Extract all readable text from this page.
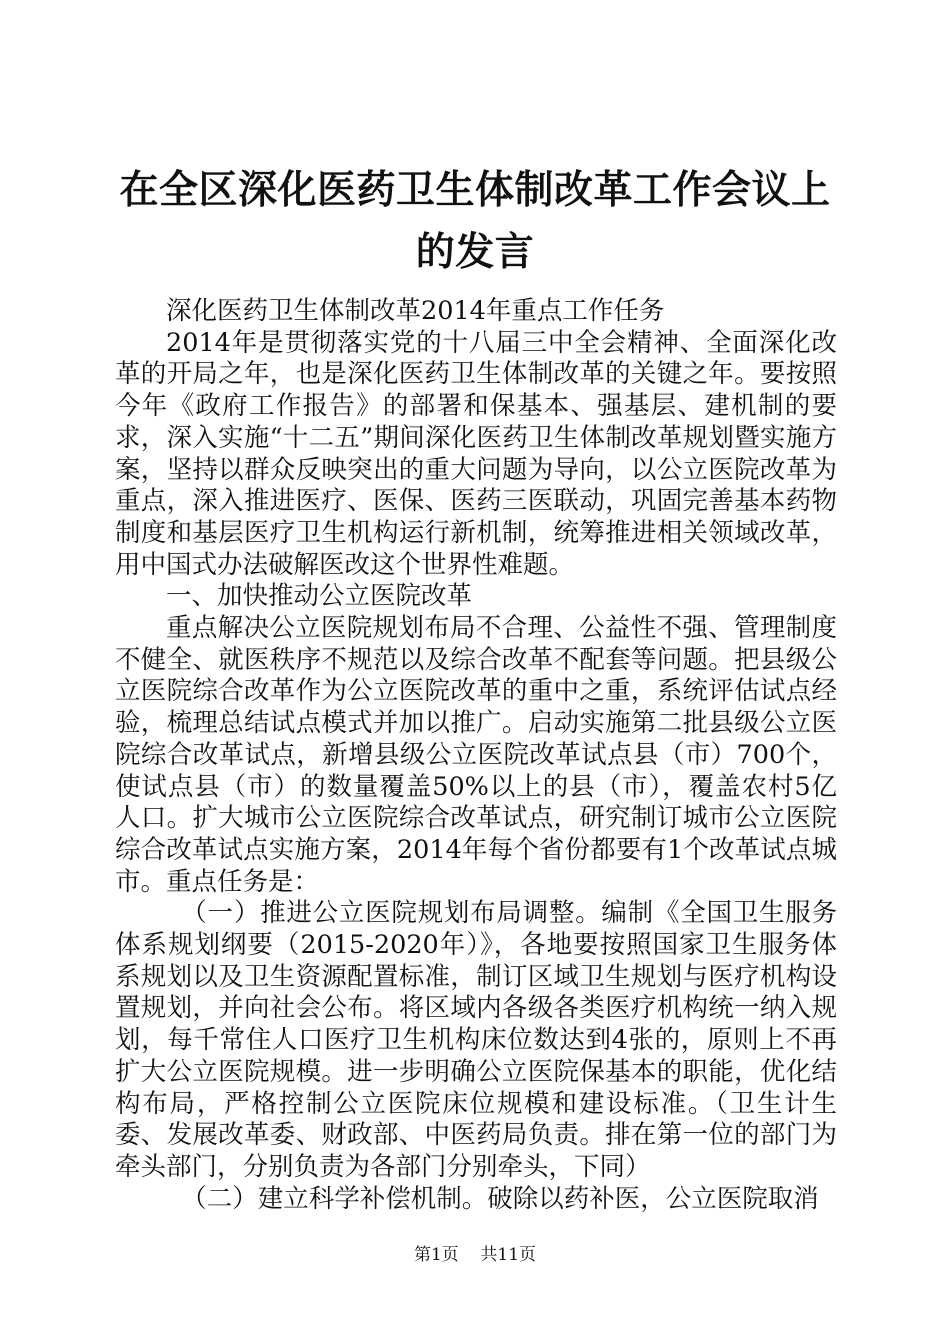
在全区深化医药卫生体制改革工作会议上的发言

深化医药卫生体制改革2014年重点工作任务

2014年是贯彻落实党的十八届三中全会精神、全面深化改革的开局之年，也是深化医药卫生体制改革的关键之年。要按照今年《政府工作报告》的部署和保基本、强基层、建机制的要求，深入实施“十二五”期间深化医药卫生体制改革规划暨实施方案，坚持以群众反映突出的重大问题为导向，以公立医院改革为重点，深入推进医疗、医保、医药三医联动，巩固完善基本药物制度和基层医疗卫生机构运行新机制，统筹推进相关领域改革，用中国式办法破解医改这个世界性难题。

一、加快推动公立医院改革

重点解决公立医院规划布局不合理、公益性不强、管理制度不健全、就医秩序不规范以及综合改革不配套等问题。把县级公立医院综合改革作为公立医院改革的重中之重，系统评估试点经验，梳理总结试点模式并加以推广。启动实施第二批县级公立医院综合改革试点，新增县级公立医院改革试点县（市）700个，使试点县（市）的数量覆盖50%以上的县（市），覆盖农村5亿人口。扩大城市公立医院综合改革试点，研究制订城市公立医院综合改革试点实施方案，2014年每个省份都要有1个改革试点城市。重点任务是：

（一）推进公立医院规划布局调整。编制《全国卫生服务体系规划纲要（2015-2020年）》，各地要按照国家卫生服务体系规划以及卫生资源配置标准，制订区域卫生规划与医疗机构设置规划，并向社会公布。将区域内各级各类医疗机构统一纳入规划，每千常住人口医疗卫生机构床位数达到4张的，原则上不再扩大公立医院规模。进一步明确公立医院保基本的职能，优化结构布局，严格控制公立医院床位规模和建设标准。（卫生计生委、发展改革委、财政部、中医药局负责。排在第一位的部门为牵头部门，分别负责为各部门分别牵头，下同）

（二）建立科学补偿机制。破除以药补医，公立医院取消

第1页 共11页
